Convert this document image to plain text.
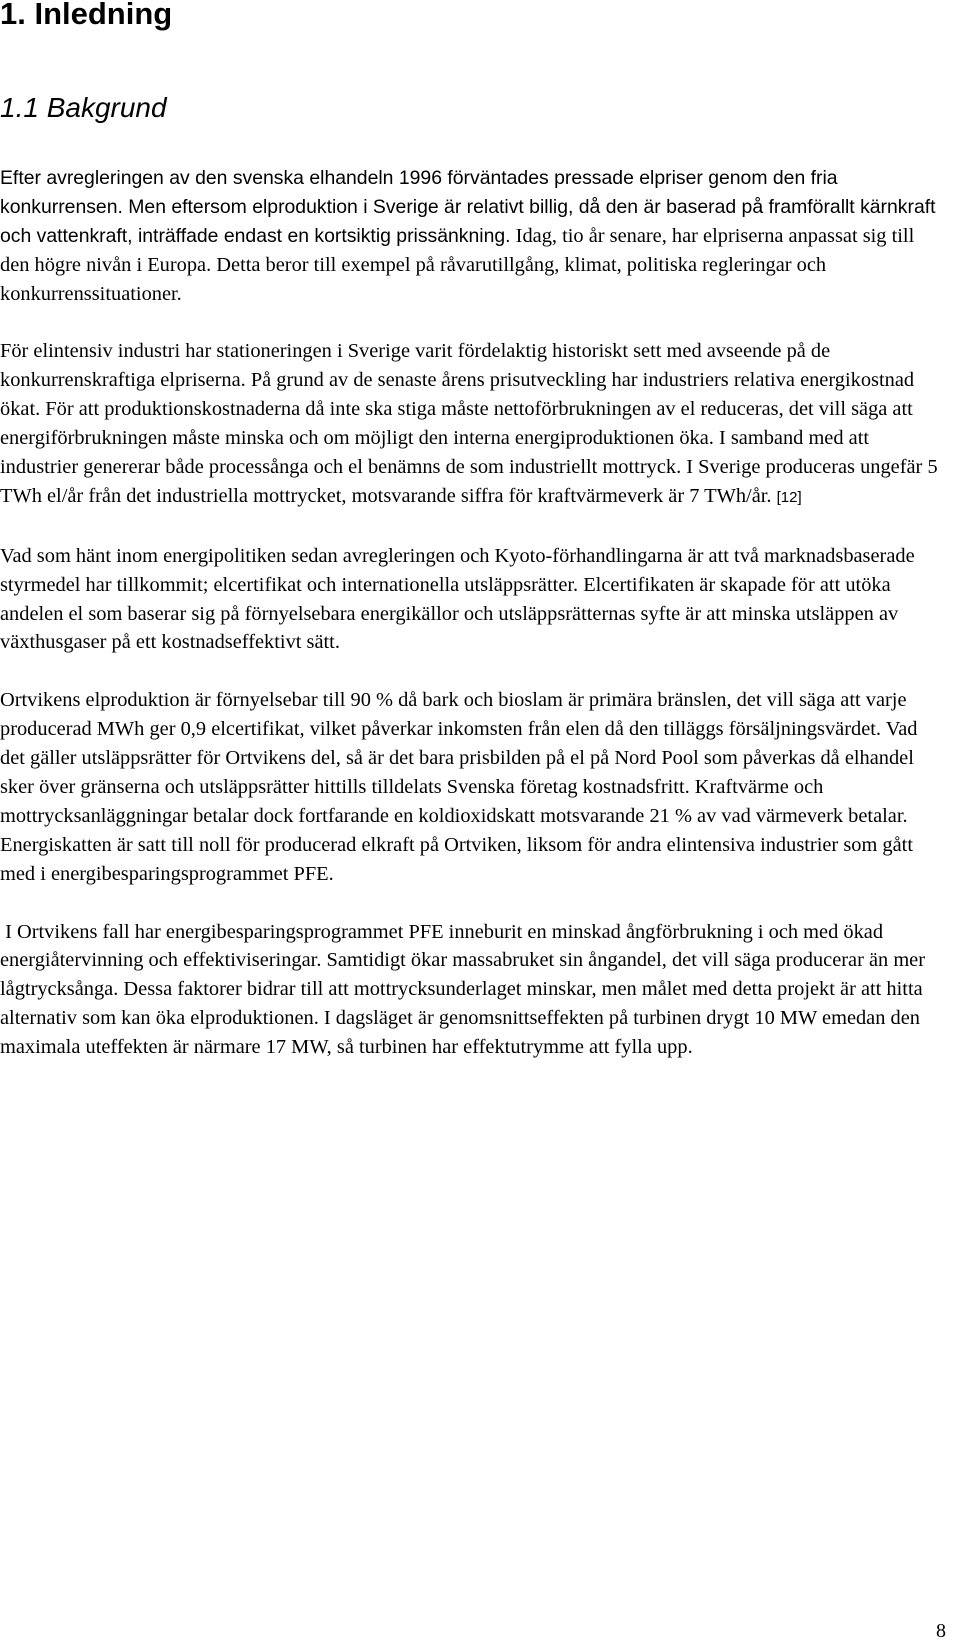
1. Inledning
1.1 Bakgrund

Efter avregleringen av den svenska elhandeln 1996 förväntades pressade elpriser genom den fria konkurrensen. Men eftersom elproduktion i Sverige är relativt billig, då den är baserad på framförallt kärnkraft och vattenkraft, inträffade endast en kortsiktig prissänkning. Idag, tio år senare, har elpriserna anpassat sig till den högre nivån i Europa. Detta beror till exempel på råvarutillgång, klimat, politiska regleringar och konkurrenssituationer.

För elintensiv industri har stationeringen i Sverige varit fördelaktig historiskt sett med avseende på de konkurrenskraftiga elpriserna. På grund av de senaste årens prisutveckling har industriers relativa energikostnad ökat. För att produktionskostnaderna då inte ska stiga måste nettoförbrukningen av el reduceras, det vill säga att energiförbrukningen måste minska och om möjligt den interna energiproduktionen öka. I samband med att industrier genererar både processånga och el benämns de som industriellt mottryck. I Sverige produceras ungefär 5 TWh el/år från det industriella mottrycket, motsvarande siffra för kraftvärmeverk är 7 TWh/år. [12]

Vad som hänt inom energipolitiken sedan avregleringen och Kyoto-förhandlingarna är att två marknadsbaserade styrmedel har tillkommit; elcertifikat och internationella utsläppsrätter. Elcertifikaten är skapade för att utöka andelen el som baserar sig på förnyelsebara energikällor och utsläppsrätternas syfte är att minska utsläppen av växthusgaser på ett kostnadseffektivt sätt.

Ortvikens elproduktion är förnyelsebar till 90 % då bark och bioslam är primära bränslen, det vill säga att varje producerad MWh ger 0,9 elcertifikat, vilket påverkar inkomsten från elen då den tilläggs försäljningsvärdet. Vad det gäller utsläppsrätter för Ortvikens del, så är det bara prisbilden på el på Nord Pool som påverkas då elhandel sker över gränserna och utsläppsrätter hittills tilldelats Svenska företag kostnadsfritt. Kraftvärme och mottrycksanläggningar betalar dock fortfarande en koldioxidskatt motsvarande 21 % av vad värmeverk betalar. Energiskatten är satt till noll för producerad elkraft på Ortviken, liksom för andra elintensiva industrier som gått med i energibesparingsprogrammet PFE.

I Ortvikens fall har energibesparingsprogrammet PFE inneburit en minskad ångförbrukning i och med ökad energiåtervinning och effektiviseringar. Samtidigt ökar massabruket sin ångandel, det vill säga producerar än mer lågtrycksånga. Dessa faktorer bidrar till att mottrycksunderlaget minskar, men målet med detta projekt är att hitta alternativ som kan öka elproduktionen. I dagsläget är genomsnittseffekten på turbinen drygt 10 MW emedan den maximala uteffekten är närmare 17 MW, så turbinen har effektutrymme att fylla upp.

8
